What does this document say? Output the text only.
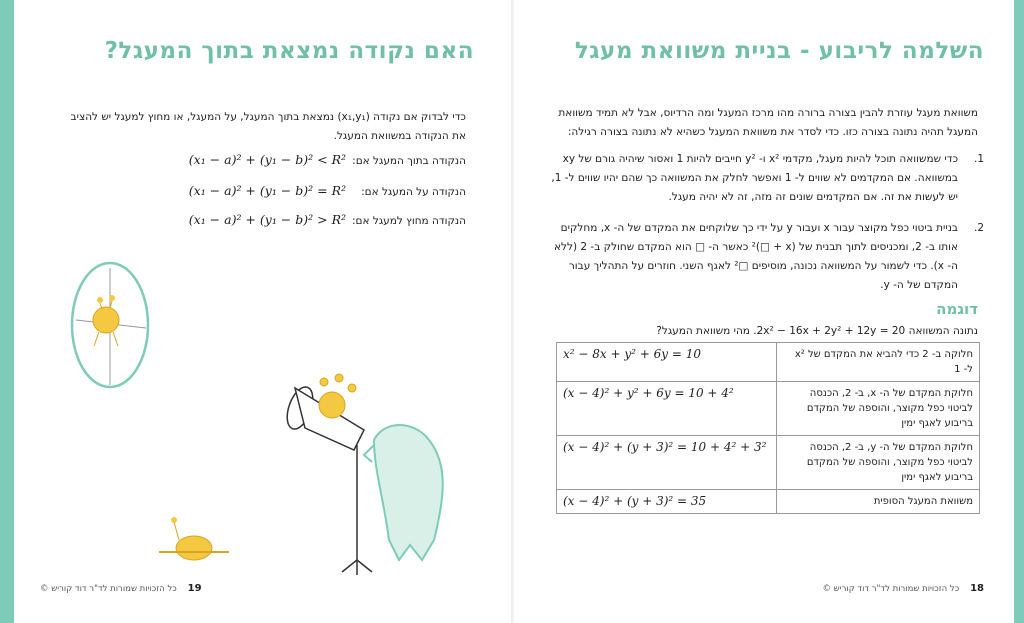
האם נקודה נמצאת בתוך המעגל?
כדי לבדוק אם נקודה (x₁,y₁) נמצאת בתוך המעגל, על המעגל, או מחוץ למעגל יש להציב את הנקודה במשוואת המעגל.
הנקודה בתוך המעגל אם:
(x₁ − a)² + (y₁ − b)² < R²
הנקודה על המעגל אם:
(x₁ − a)² + (y₁ − b)² = R²
הנקודה מחוץ למעגל אם:
(x₁ − a)² + (y₁ − b)² > R²
19    כל הזכויות שמורות לד"ר דוד קוריש ©
השלמה לריבוע - בניית משוואת מעגל
משוואת מעגל עוזרת להבין בצורה ברורה מהו מרכז המעגל ומה הרדיוס, אבל לא תמיד משוואת המעגל תהיה נתונה בצורה כזו. כדי לסדר את משוואת המעגל כשהיא לא נתונה בצורה רגילה:
1.
כדי שמשוואה תוכל להיות מעגל, מקדמי x² ו- y² חייבים להיות 1 ואסור שיהיה גורם של xy במשוואה. אם המקדמים לא שווים ל- 1 ואפשר לחלק את המשוואה כך שהם יהיו שווים ל- 1, יש לעשות את זה. אם המקדמים שונים זה מזה, זה לא יהיה מעגל.
2.
בניית ביטוי כפל מקוצר עבור x ועבור y על ידי כך שלוקחים את המקדם של ה- x, מחלקים אותו ב- 2, ומכניסים לתוך תבנית של (x + □)² כאשר ה- □ הוא המקדם שחולק ב- 2 (ללא ה- x). כדי לשמור על המשוואה נכונה, מוסיפים □² לאגף השני. חוזרים על התהליך עבור המקדם של ה- y.
דוגמה
נתונה המשוואה 2x² − 16x + 2y² + 12y = 20. מהי משוואת המעגל?
x² − 8x + y² + 6y = 10	חלוקה ב- 2 כדי להביא את המקדם של x² ל- 1
(x − 4)² + y² + 6y = 10 + 4²	חלוקת המקדם של ה- x, ב- 2, הכנסה לביטוי כפל מקוצר, והוספה של המקדם בריבוע לאגף ימין
(x − 4)² + (y + 3)² = 10 + 4² + 3²	חלוקת המקדם של ה- y, ב- 2, הכנסה לביטוי כפל מקוצר, והוספה של המקדם בריבוע לאגף ימין
(x − 4)² + (y + 3)² = 35	משוואת המעגל הסופית
18    כל הזכויות שמורות לד"ר דוד קוריש ©
